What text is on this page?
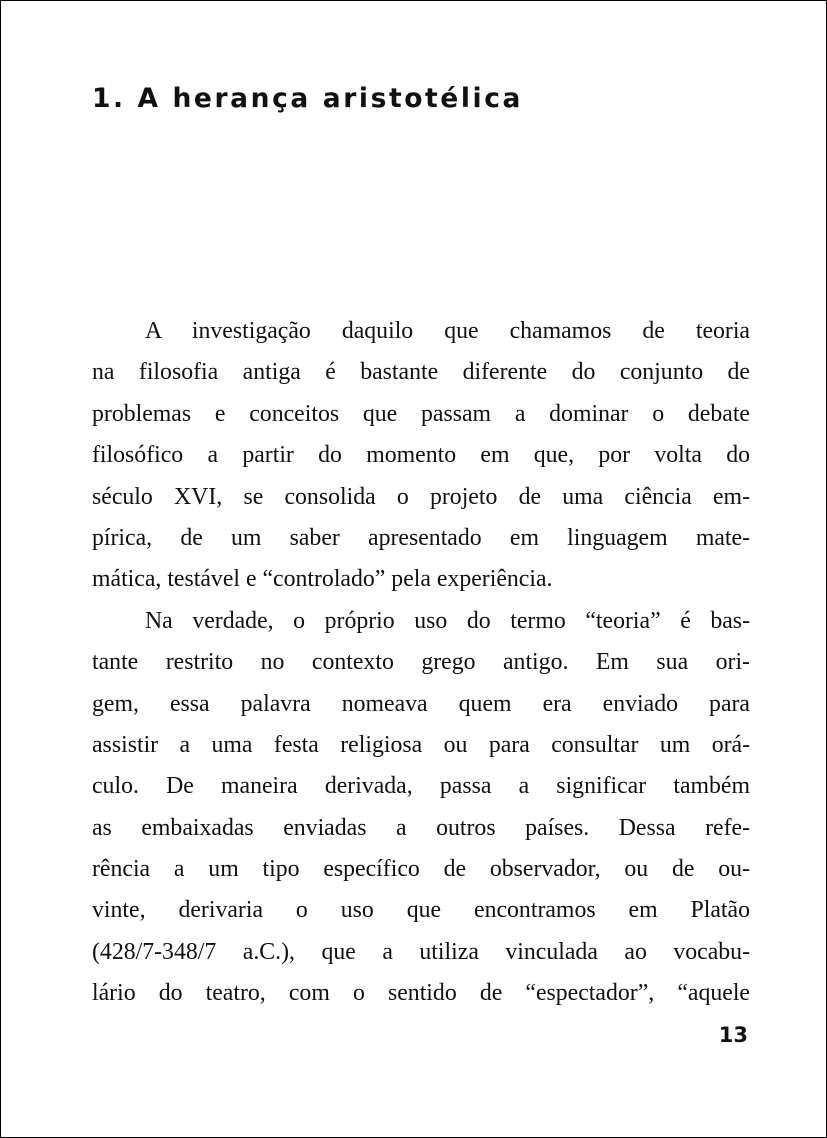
1. A herança aristotélica
A investigação daquilo que chamamos de teoria
na filosofia antiga é bastante diferente do conjunto de
problemas e conceitos que passam a dominar o debate
filosófico a partir do momento em que, por volta do
século XVI, se consolida o projeto de uma ciência em-
pírica, de um saber apresentado em linguagem mate-
mática, testável e “controlado” pela experiência.
Na verdade, o próprio uso do termo “teoria” é bas-
tante restrito no contexto grego antigo. Em sua ori-
gem, essa palavra nomeava quem era enviado para
assistir a uma festa religiosa ou para consultar um orá-
culo. De maneira derivada, passa a significar também
as embaixadas enviadas a outros países. Dessa refe-
rência a um tipo específico de observador, ou de ou-
vinte, derivaria o uso que encontramos em Platão
(428/7-348/7 a.C.), que a utiliza vinculada ao vocabu-
lário do teatro, com o sentido de “espectador”, “aquele
13
